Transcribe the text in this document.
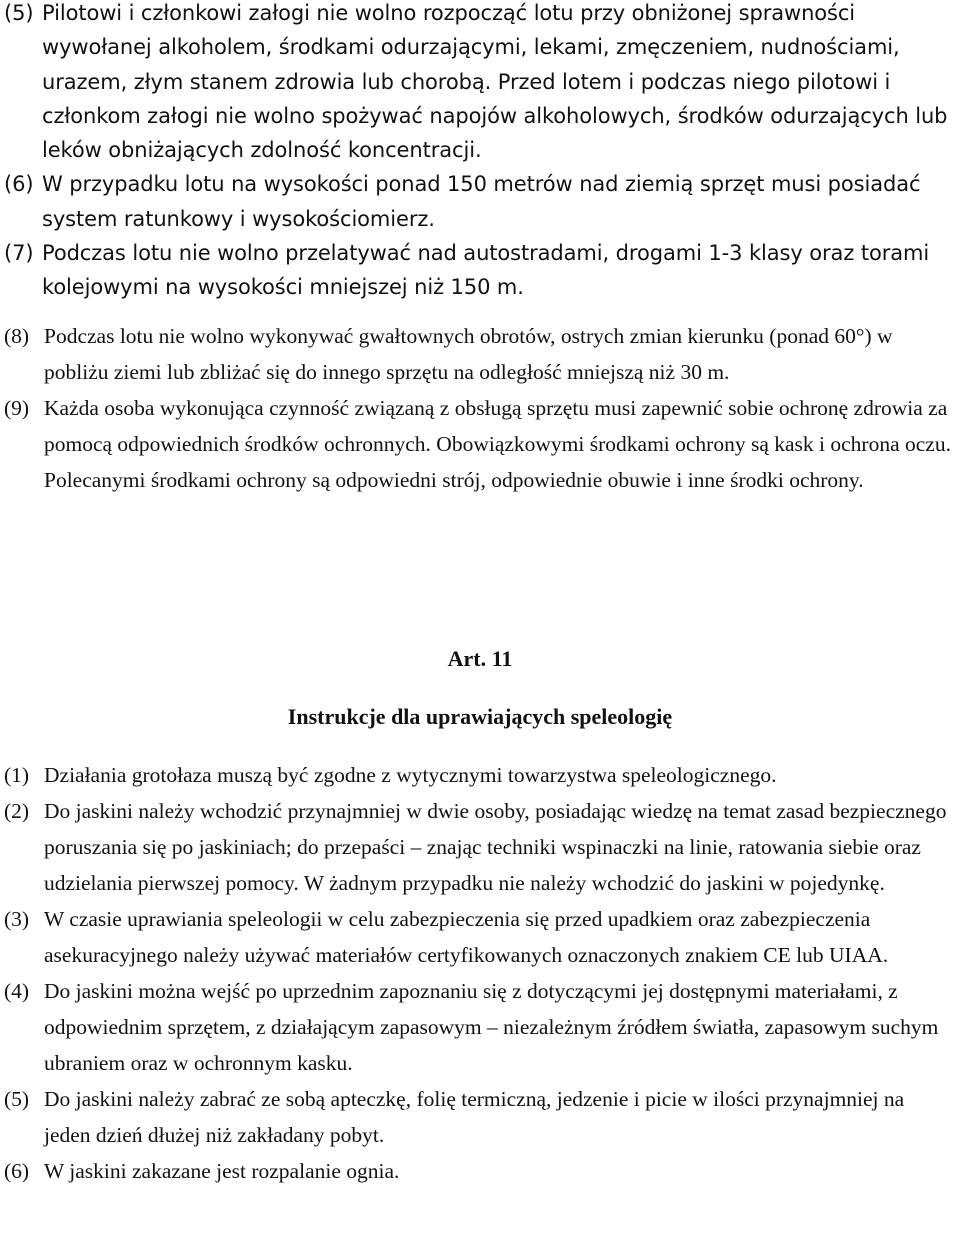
(5) Pilotowi i członkowi załogi nie wolno rozpocząć lotu przy obniżonej sprawności wywołanej alkoholem, środkami odurzającymi, lekami, zmęczeniem, nudnościami, urazem, złym stanem zdrowia lub chorobą. Przed lotem i podczas niego pilotowi i członkom załogi nie wolno spożywać napojów alkoholowych, środków odurzających lub leków obniżających zdolność koncentracji.
(6) W przypadku lotu na wysokości ponad 150 metrów nad ziemią sprzęt musi posiadać system ratunkowy i wysokościomierz.
(7) Podczas lotu nie wolno przelatywać nad autostradami, drogami 1-3 klasy oraz torami kolejowymi na wysokości mniejszej niż 150 m.
(8) Podczas lotu nie wolno wykonywać gwałtownych obrotów, ostrych zmian kierunku (ponad 60°) w pobliżu ziemi lub zbliżać się do innego sprzętu na odległość mniejszą niż 30 m.
(9) Każda osoba wykonująca czynność związaną z obsługą sprzętu musi zapewnić sobie ochronę zdrowia za pomocą odpowiednich środków ochronnych. Obowiązkowymi środkami ochrony są kask i ochrona oczu. Polecanymi środkami ochrony są odpowiedni strój, odpowiednie obuwie i inne środki ochrony.
Art. 11
Instrukcje dla uprawiających speleologię
(1) Działania grotołaza muszą być zgodne z wytycznymi towarzystwa speleologicznego.
(2) Do jaskini należy wchodzić przynajmniej w dwie osoby, posiadając wiedzę na temat zasad bezpiecznego poruszania się po jaskiniach; do przepaści – znając techniki wspinaczki na linie, ratowania siebie oraz udzielania pierwszej pomocy. W żadnym przypadku nie należy wchodzić do jaskini w pojedynkę.
(3) W czasie uprawiania speleologii w celu zabezpieczenia się przed upadkiem oraz zabezpieczenia asekuracyjnego należy używać materiałów certyfikowanych oznaczonych znakiem CE lub UIAA.
(4) Do jaskini można wejść po uprzednim zapoznaniu się z dotyczącymi jej dostępnymi materiałami, z odpowiednim sprzętem, z działającym zapasowym – niezależnym źródłem światła, zapasowym suchym ubraniem oraz w ochronnym kasku.
(5) Do jaskini należy zabrać ze sobą apteczkę, folię termiczną, jedzenie i picie w ilości przynajmniej na jeden dzień dłużej niż zakładany pobyt.
(6) W jaskini zakazane jest rozpalanie ognia.
